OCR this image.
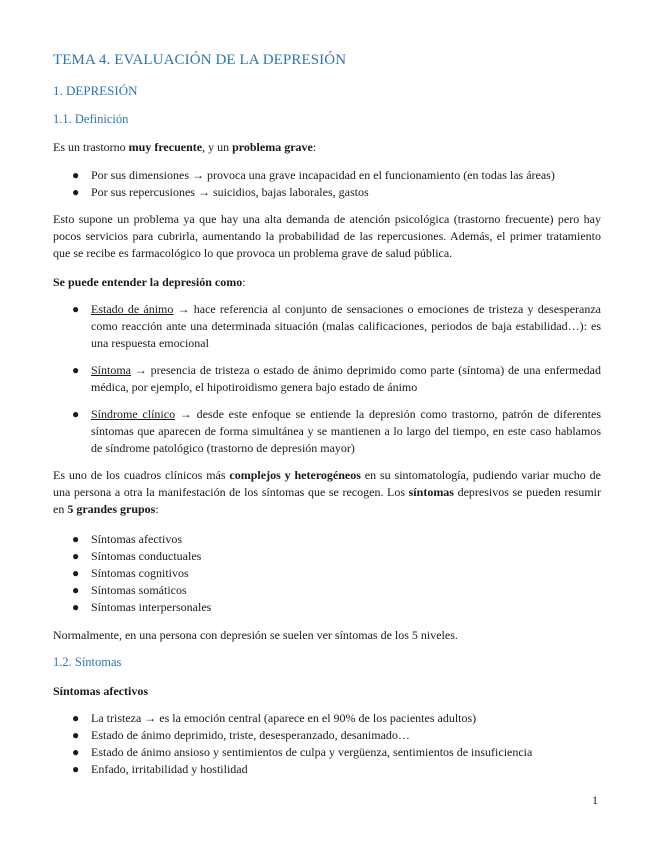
TEMA 4. EVALUACIÓN DE LA DEPRESIÓN
1. DEPRESIÓN
1.1. Definición

Es un trastorno muy frecuente, y un problema grave:

● Por sus dimensiones → provoca una grave incapacidad en el funcionamiento (en todas las áreas)
● Por sus repercusiones → suicidios, bajas laborales, gastos

Esto supone un problema ya que hay una alta demanda de atención psicológica (trastorno frecuente) pero hay pocos servicios para cubrirla, aumentando la probabilidad de las repercusiones. Además, el primer tratamiento que se recibe es farmacológico lo que provoca un problema grave de salud pública.

Se puede entender la depresión como:

● Estado de ánimo → hace referencia al conjunto de sensaciones o emociones de tristeza y desesperanza como reacción ante una determinada situación (malas calificaciones, periodos de baja estabilidad…): es una respuesta emocional
● Síntoma → presencia de tristeza o estado de ánimo deprimido como parte (síntoma) de una enfermedad médica, por ejemplo, el hipotiroidismo genera bajo estado de ánimo
● Síndrome clínico → desde este enfoque se entiende la depresión como trastorno, patrón de diferentes síntomas que aparecen de forma simultánea y se mantienen a lo largo del tiempo, en este caso hablamos de síndrome patológico (trastorno de depresión mayor)

Es uno de los cuadros clínicos más complejos y heterogéneos en su sintomatología, pudiendo variar mucho de una persona a otra la manifestación de los síntomas que se recogen. Los síntomas depresivos se pueden resumir en 5 grandes grupos:

● Síntomas afectivos
● Síntomas conductuales
● Síntomas cognitivos
● Síntomas somáticos
● Síntomas interpersonales

Normalmente, en una persona con depresión se suelen ver síntomas de los 5 niveles.

1.2. Síntomas

Síntomas afectivos

● La tristeza → es la emoción central (aparece en el 90% de los pacientes adultos)
● Estado de ánimo deprimido, triste, desesperanzado, desanimado…
● Estado de ánimo ansioso y sentimientos de culpa y vergüenza, sentimientos de insuficiencia
● Enfado, irritabilidad y hostilidad
1
